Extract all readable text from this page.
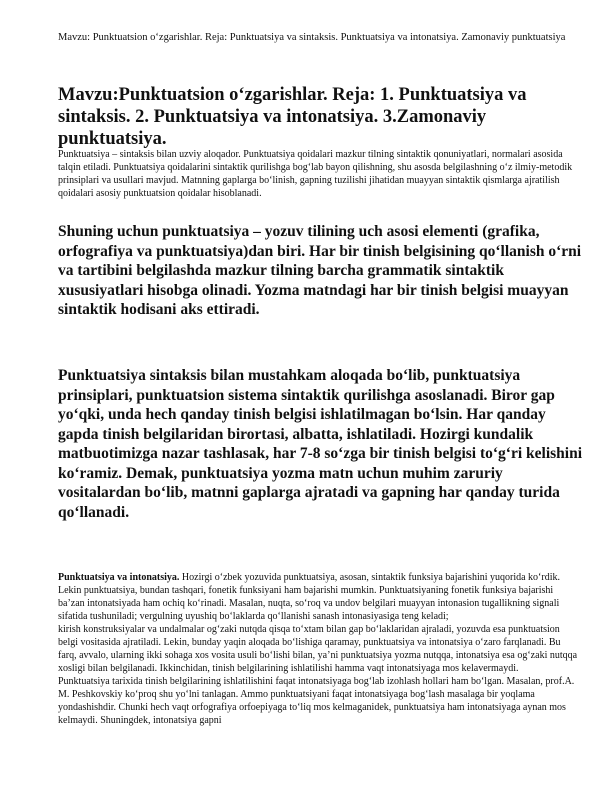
Mavzu: Punktuatsion o‘zgarishlar. Reja: Punktuatsiya va sintaksis. Punktuatsiya va intonatsiya. Zamonaviy punktuatsiya
Mavzu:Punktuatsion o‘zgarishlar. Reja: 1. Punktuatsiya va sintaksis. 2. Punktuatsiya va intonatsiya. 3.Zamonaviy punktuatsiya.

Punktuatsiya – sintaksis bilan uzviy aloqador. Punktuatsiya qoidalari mazkur tilning sintaktik qonuniyatlari, normalari asosida talqin etiladi. Punktuatsiya qoidalarini sintaktik qurilishga bog‘lab bayon qilishning, shu asosda belgilashning o‘z ilmiy-metodik prinsiplari va usullari mavjud. Matnning gaplarga bo‘linish, gapning tuzilishi jihatidan muayyan sintaktik qismlarga ajratilish qoidalari asosiy punktuatsion qoidalar hisoblanadi.

Shuning uchun punktuatsiya – yozuv tilining uch asosi elementi (grafika, orfografiya va punktuatsiya)dan biri. Har bir tinish belgisining qo‘llanish o‘rni va tartibini belgilashda mazkur tilning barcha grammatik sintaktik xususiyatlari hisobga olinadi. Yozma matndagi har bir tinish belgisi muayyan sintaktik hodisani aks ettiradi.

Punktuatsiya sintaksis bilan mustahkam aloqada bo‘lib, punktuatsiya prinsiplari, punktuatsion sistema sintaktik qurilishga asoslanadi. Biror gap yo‘qki, unda hech qanday tinish belgisi ishlatilmagan bo‘lsin. Har qanday gapda tinish belgilaridan birortasi, albatta, ishlatiladi. Hozirgi kundalik matbuotimizga nazar tashlasak, har 7-8 so‘zga bir tinish belgisi to‘g‘ri kelishini ko‘ramiz. Demak, punktuatsiya yozma matn uchun muhim zaruriy vositalardan bo‘lib, matnni gaplarga ajratadi va gapning har qanday turida qo‘llanadi.

Punktuatsiya va intonatsiya. Hozirgi o‘zbek yozuvida punktuatsiya, asosan, sintaktik funksiya bajarishini yuqorida ko‘rdik. Lekin punktuatsiya, bundan tashqari, fonetik funksiyani ham bajarishi mumkin. Punktuatsiyaning fonetik funksiya bajarishi ba’zan intonatsiyada ham ochiq ko‘rinadi. Masalan, nuqta, so‘roq va undov belgilari muayyan intonasion tugallikning signali sifatida tushuniladi; vergulning uyushiq bo‘laklarda qo‘llanishi sanash intonasiyasiga teng keladi;
kirish konstruksiyalar va undalmalar og‘zaki nutqda qisqa to‘xtam bilan gap bo‘laklaridan ajraladi, yozuvda esa punktuatsion belgi vositasida ajratiladi. Lekin, bunday yaqin aloqada bo‘lishiga qaramay, punktuatsiya va intonatsiya o‘zaro farqlanadi. Bu farq, avvalo, ularning ikki sohaga xos vosita usuli bo‘lishi bilan, ya’ni punktuatsiya yozma nutqqa, intonatsiya esa og‘zaki nutqqa xosligi bilan belgilanadi. Ikkinchidan, tinish belgilarining ishlatilishi hamma vaqt intonatsiyaga mos kelavermaydi.
Punktuatsiya tarixida tinish belgilarining ishlatilishini faqat intonatsiyaga bog‘lab izohlash hollari ham bo‘lgan. Masalan, prof.A. M. Peshkovskiy ko‘proq shu yo‘lni tanlagan. Ammo punktuatsiyani faqat intonatsiyaga bog‘lash masalaga bir yoqlama yondashishdir. Chunki hech vaqt orfografiya orfoepiyaga to‘liq mos kelmaganidek, punktuatsiya ham intonatsiyaga aynan mos kelmaydi. Shuningdek, intonatsiya gapni
